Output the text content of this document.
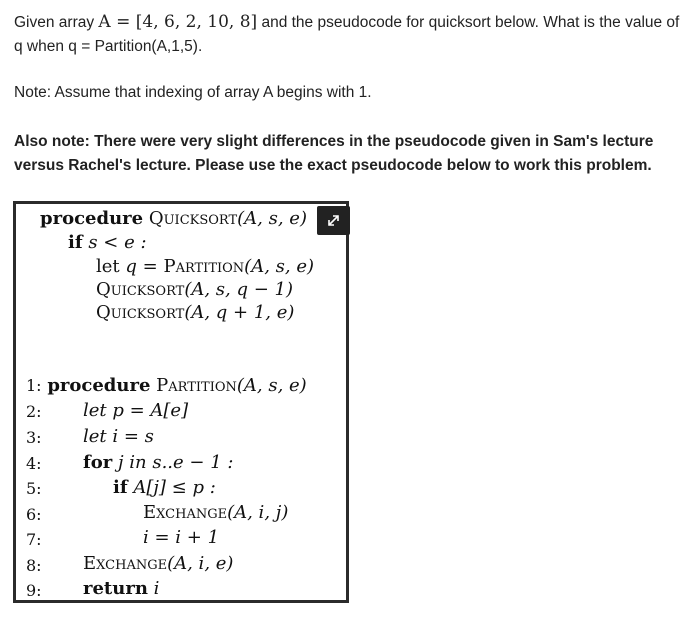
Given array A = [4, 6, 2, 10, 8] and the pseudocode for quicksort below. What is the value of q when q = Partition(A,1,5).

Note: Assume that indexing of array A begins with 1.
Also note: There were very slight differences in the pseudocode given in Sam's lecture versus Rachel's lecture. Please use the exact pseudocode below to work this problem.
procedure Quicksort(A, s, e)
if s < e :
let q = Partition(A, s, e)
Quicksort(A, s, q − 1)
Quicksort(A, q + 1, e)
1: procedure Partition(A, s, e)
2: let p = A[e]
3: let i = s
4: for j in s..e − 1 :
5:	if A[j] ≤ p :
6:	Exchange(A, i, j)
7:	i = i + 1
8: Exchange(A, i, e)
9: return i
